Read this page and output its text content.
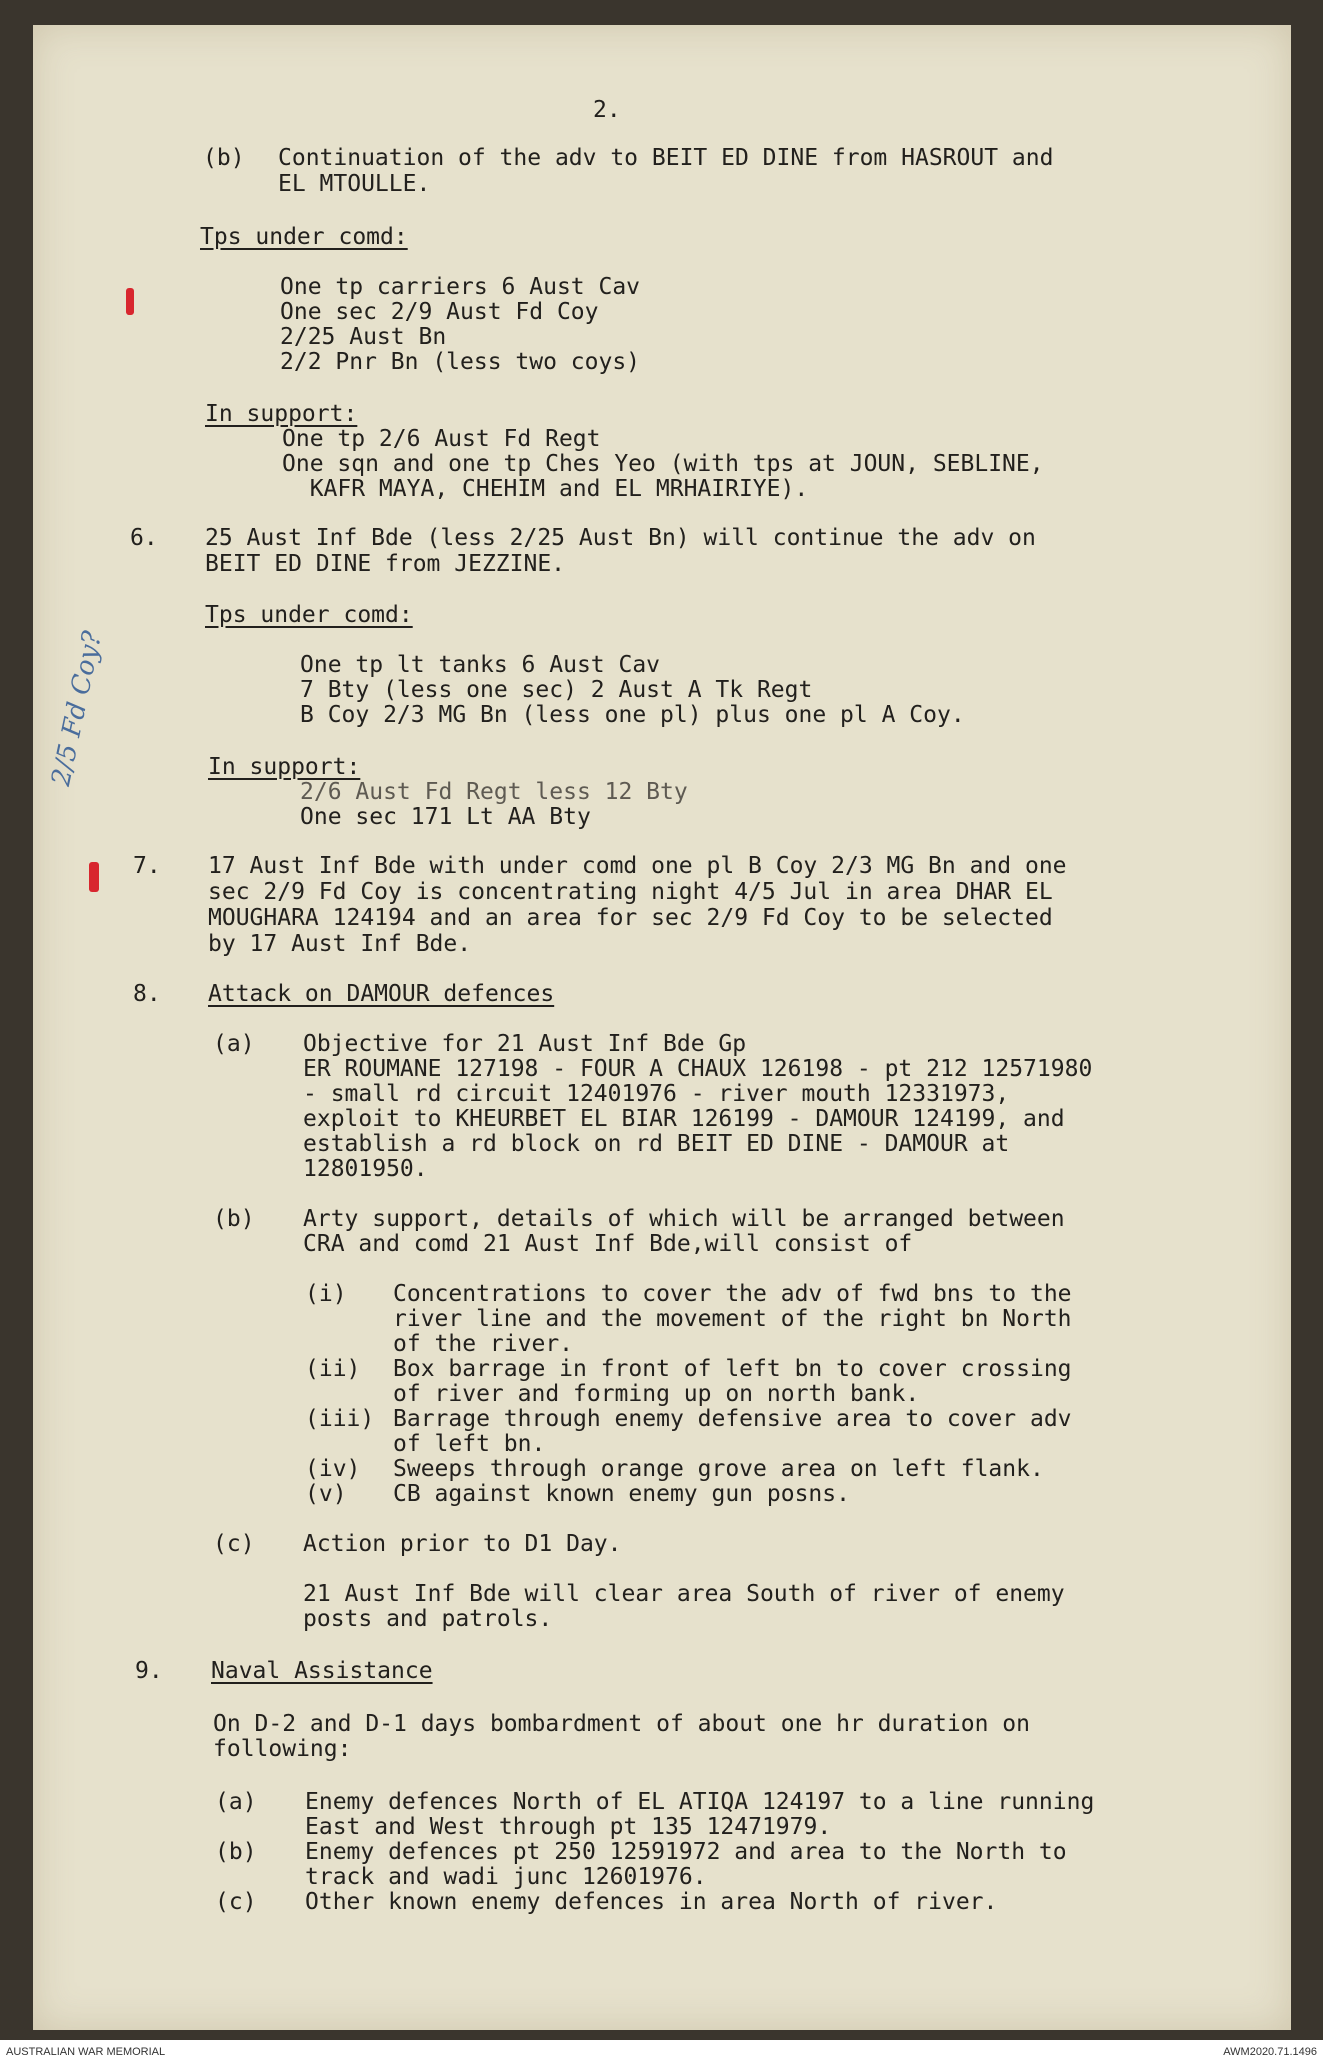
2.
(b) Continuation of the adv to BEIT ED DINE from HASROUT and
EL MTOULLE.
Tps under comd:
One tp carriers 6 Aust Cav
One sec 2/9 Aust Fd Coy
2/25 Aust Bn
2/2 Pnr Bn (less two coys)
In support:
One tp 2/6 Aust Fd Regt
One sqn and one tp Ches Yeo (with tps at JOUN, SEBLINE,
KAFR MAYA, CHEHIM and EL MRHAIRIYE).
6. 25 Aust Inf Bde (less 2/25 Aust Bn) will continue the adv on
BEIT ED DINE from JEZZINE.
Tps under comd:
One tp lt tanks 6 Aust Cav
7 Bty (less one sec) 2 Aust A Tk Regt
B Coy 2/3 MG Bn (less one pl) plus one pl A Coy.
2/5 Fd Coy?	In support:
2/6 Aust Fd Regt less 12 Bty
One sec 171 Lt AA Bty
7. 17 Aust Inf Bde with under comd one pl B Coy 2/3 MG Bn and one
sec 2/9 Fd Coy is concentrating night 4/5 Jul in area DHAR EL
MOUGHARA 124194 and an area for sec 2/9 Fd Coy to be selected
by 17 Aust Inf Bde.
8. Attack on DAMOUR defences
(a) Objective for 21 Aust Inf Bde Gp
ER ROUMANE 127198 - FOUR A CHAUX 126198 - pt 212 12571980
- small rd circuit 12401976 - river mouth 12331973,
exploit to KHEURBET EL BIAR 126199 - DAMOUR 124199, and
establish a rd block on rd BEIT ED DINE - DAMOUR at
12801950.
(b) Arty support, details of which will be arranged between
CRA and comd 21 Aust Inf Bde,will consist of
(i) Concentrations to cover the adv of fwd bns to the
river line and the movement of the right bn North
of the river.
(ii) Box barrage in front of left bn to cover crossing
of river and forming up on north bank.
(iii) Barrage through enemy defensive area to cover adv
of left bn.
(iv) Sweeps through orange grove area on left flank.
(v) CB against known enemy gun posns.
(c) Action prior to D1 Day.
21 Aust Inf Bde will clear area South of river of enemy
posts and patrols.
9. Naval Assistance
On D-2 and D-1 days bombardment of about one hr duration on
following:
(a) Enemy defences North of EL ATIQA 124197 to a line running
East and West through pt 135 12471979.
(b) Enemy defences pt 250 12591972 and area to the North to
track and wadi junc 12601976.
(c) Other known enemy defences in area North of river.
AUSTRALIAN WAR MEMORIAL	AWM2020.71.1496
